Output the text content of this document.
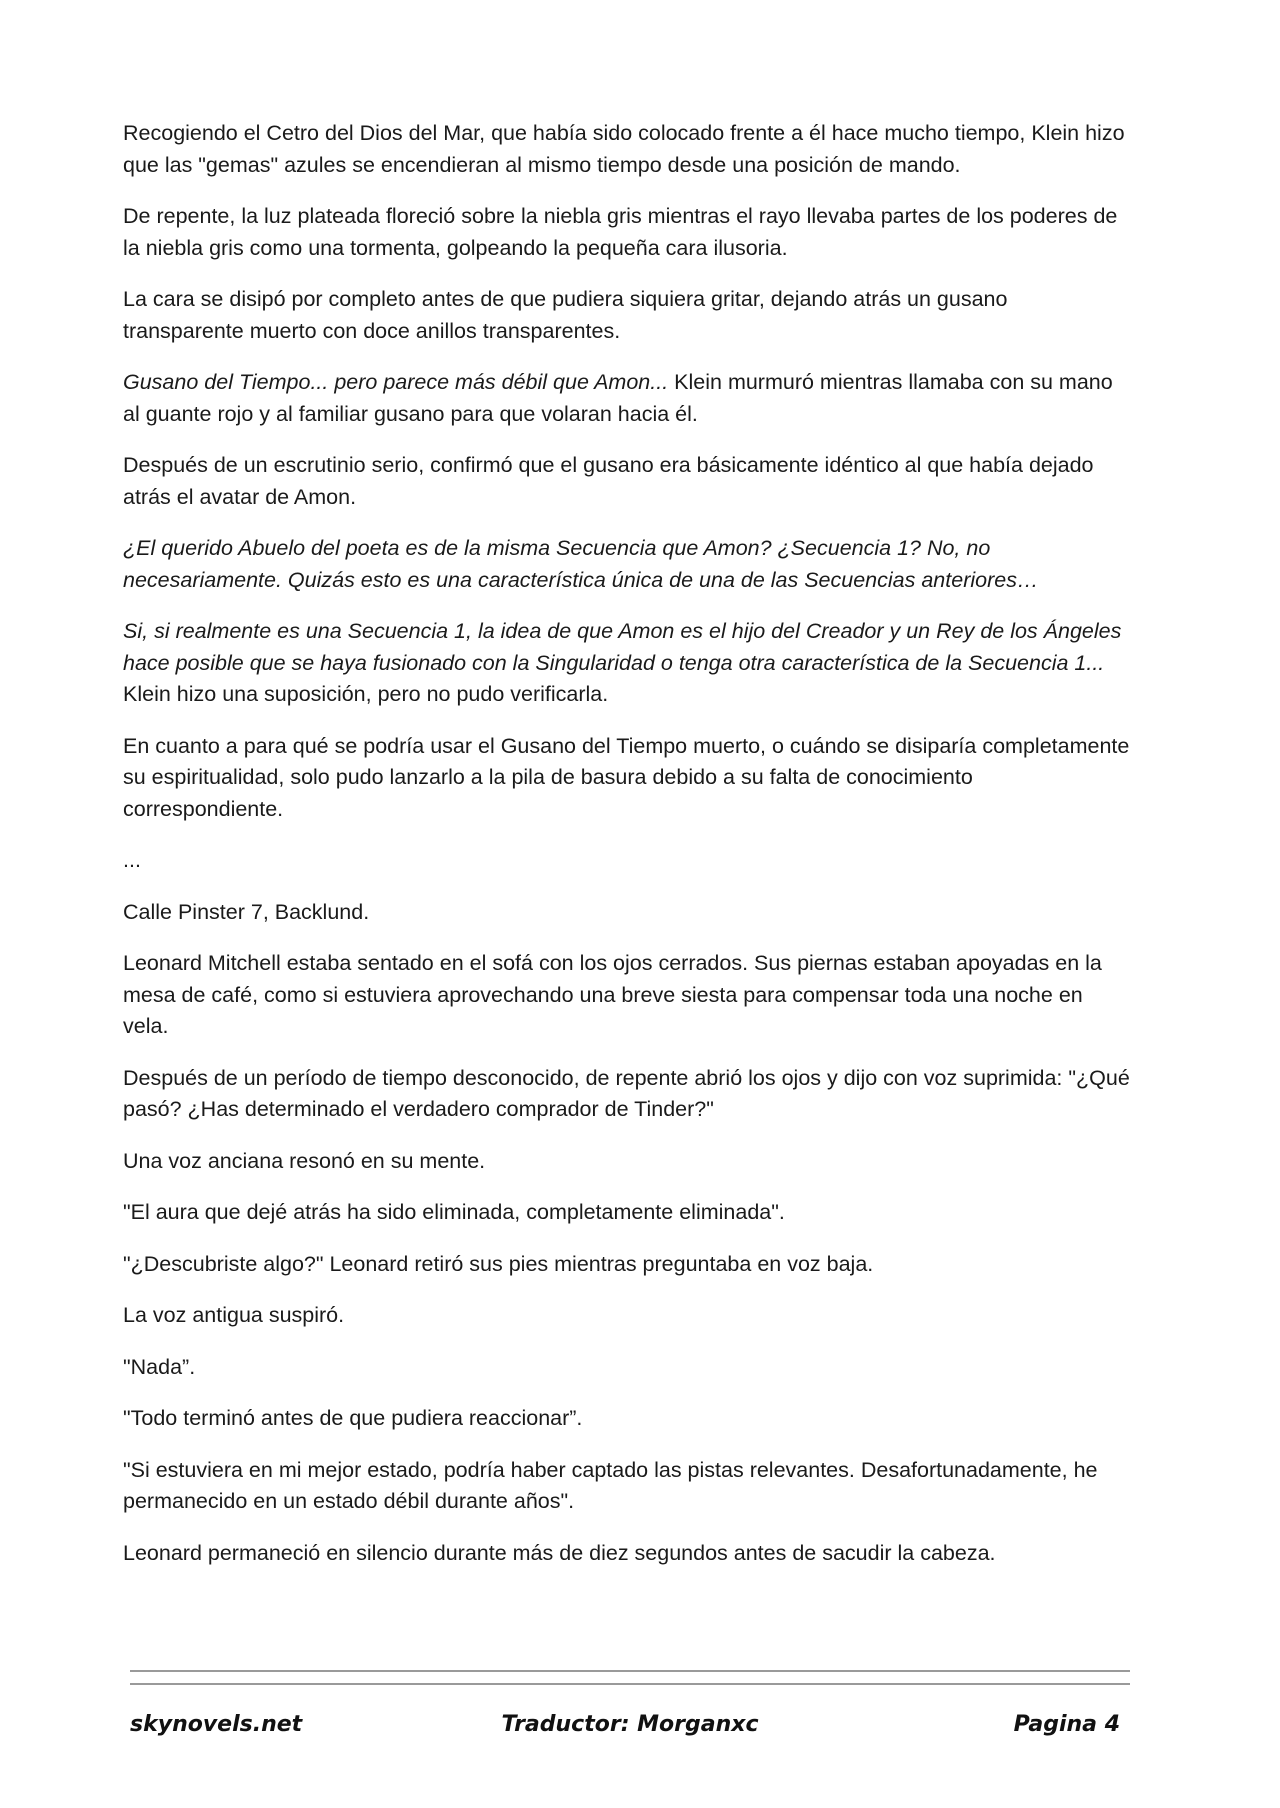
Recogiendo el Cetro del Dios del Mar, que había sido colocado frente a él hace mucho tiempo, Klein hizo que las "gemas" azules se encendieran al mismo tiempo desde una posición de mando.

De repente, la luz plateada floreció sobre la niebla gris mientras el rayo llevaba partes de los poderes de la niebla gris como una tormenta, golpeando la pequeña cara ilusoria.

La cara se disipó por completo antes de que pudiera siquiera gritar, dejando atrás un gusano transparente muerto con doce anillos transparentes.

Gusano del Tiempo... pero parece más débil que Amon... Klein murmuró mientras llamaba con su mano al guante rojo y al familiar gusano para que volaran hacia él.

Después de un escrutinio serio, confirmó que el gusano era básicamente idéntico al que había dejado atrás el avatar de Amon.

¿El querido Abuelo del poeta es de la misma Secuencia que Amon? ¿Secuencia 1? No, no necesariamente. Quizás esto es una característica única de una de las Secuencias anteriores…

Si, si realmente es una Secuencia 1, la idea de que Amon es el hijo del Creador y un Rey de los Ángeles hace posible que se haya fusionado con la Singularidad o tenga otra característica de la Secuencia 1... Klein hizo una suposición, pero no pudo verificarla.

En cuanto a para qué se podría usar el Gusano del Tiempo muerto, o cuándo se disiparía completamente su espiritualidad, solo pudo lanzarlo a la pila de basura debido a su falta de conocimiento correspondiente.

...

Calle Pinster 7, Backlund.

Leonard Mitchell estaba sentado en el sofá con los ojos cerrados. Sus piernas estaban apoyadas en la mesa de café, como si estuviera aprovechando una breve siesta para compensar toda una noche en vela.

Después de un período de tiempo desconocido, de repente abrió los ojos y dijo con voz suprimida: "¿Qué pasó? ¿Has determinado el verdadero comprador de Tinder?"

Una voz anciana resonó en su mente.

"El aura que dejé atrás ha sido eliminada, completamente eliminada".

"¿Descubriste algo?" Leonard retiró sus pies mientras preguntaba en voz baja.

La voz antigua suspiró.

"Nada”.

"Todo terminó antes de que pudiera reaccionar”.

"Si estuviera en mi mejor estado, podría haber captado las pistas relevantes. Desafortunadamente, he permanecido en un estado débil durante años".

Leonard permaneció en silencio durante más de diez segundos antes de sacudir la cabeza.

skynovels.net	Traductor: Morganxc	Pagina 4
